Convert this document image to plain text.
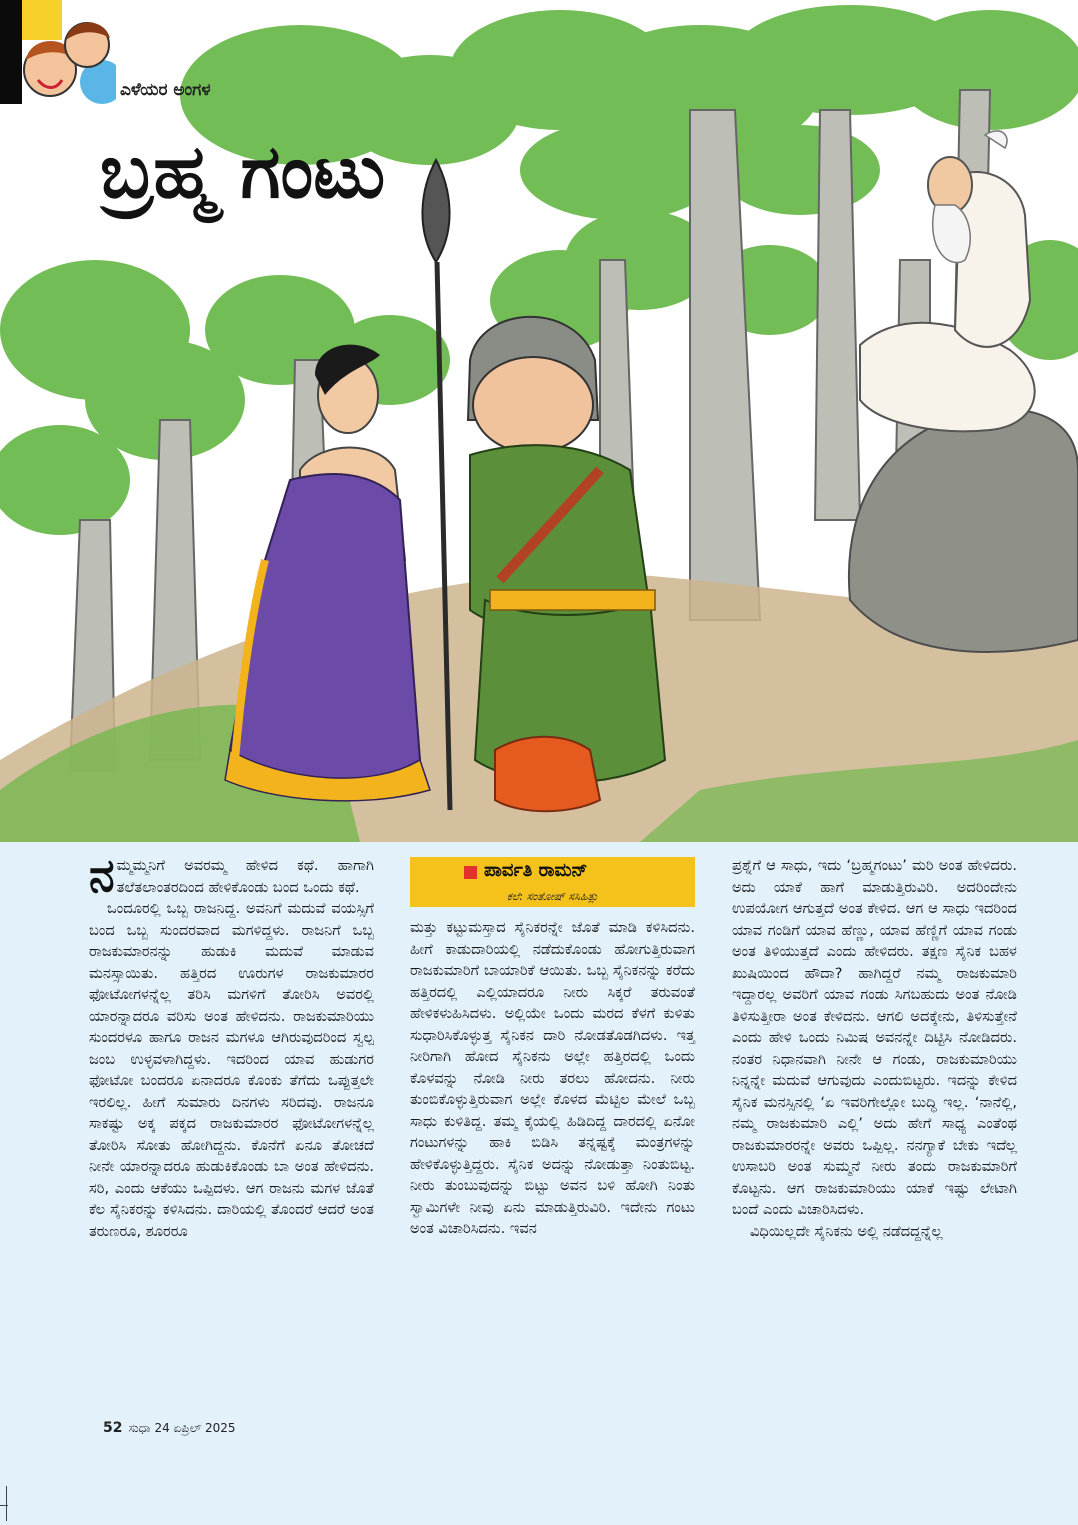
ಎಳೆಯರ ಅಂಗಳ
ಬ್ರಹ್ಮ ಗಂಟು

ನಮ್ಮಮ್ಮನಿಗೆ ಅವರಮ್ಮ ಹೇಳಿದ ಕಥೆ. ಹಾಗಾಗಿ ತಲೆತಲಾಂತರದಿಂದ ಹೇಳಿಕೊಂಡು ಬಂದ ಒಂದು ಕಥೆ.

ಒಂದೂರಲ್ಲಿ ಒಬ್ಬ ರಾಜನಿದ್ದ. ಅವನಿಗೆ ಮದುವೆ ವಯಸ್ಸಿಗೆ ಬಂದ ಒಬ್ಬ ಸುಂದರವಾದ ಮಗಳಿದ್ದಳು. ರಾಜನಿಗೆ ಒಬ್ಬ ರಾಜಕುಮಾರನನ್ನು ಹುಡುಕಿ ಮದುವೆ ಮಾಡುವ ಮನಸ್ಸಾಯಿತು. ಹತ್ತಿರದ ಊರುಗಳ ರಾಜಕುಮಾರರ ಫೋಟೋಗಳನ್ನೆಲ್ಲ ತರಿಸಿ ಮಗಳಿಗೆ ತೋರಿಸಿ ಅವರಲ್ಲಿ ಯಾರನ್ನಾದರೂ ವರಿಸು ಅಂತ ಹೇಳಿದನು. ರಾಜಕುಮಾರಿಯು ಸುಂದರಳೂ ಹಾಗೂ ರಾಜನ ಮಗಳೂ ಆಗಿರುವುದರಿಂದ ಸ್ವಲ್ಪ ಜಂಬ ಉಳ್ಳವಳಾಗಿದ್ದಳು. ಇದರಿಂದ ಯಾವ ಹುಡುಗರ ಫೋಟೋ ಬಂದರೂ ಏನಾದರೂ ಕೊಂಕು ತೆಗೆದು ಒಪ್ಪುತ್ತಲೇ ಇರಲಿಲ್ಲ. ಹೀಗೆ ಸುಮಾರು ದಿನಗಳು ಸರಿದವು. ರಾಜನೂ ಸಾಕಷ್ಟು ಅಕ್ಕ ಪಕ್ಕದ ರಾಜಕುಮಾರರ ಫೋಟೋಗಳನ್ನೆಲ್ಲ ತೋರಿಸಿ ಸೋತು ಹೋಗಿದ್ದನು. ಕೊನೆಗೆ ಏನೂ ತೋಚದೆ ನೀನೇ ಯಾರನ್ನಾದರೂ ಹುಡುಕಿಕೊಂಡು ಬಾ ಅಂತ ಹೇಳಿದನು. ಸರಿ, ಎಂದು ಆಕೆಯು ಒಪ್ಪಿದಳು. ಆಗ ರಾಜನು ಮಗಳ ಜೊತೆ ಕೆಲ ಸೈನಿಕರನ್ನು ಕಳಿಸಿದನು. ದಾರಿಯಲ್ಲಿ ತೊಂದರೆ ಆದರೆ ಅಂತ ತರುಣರೂ, ಶೂರರೂ

ಪಾರ್ವತಿ ರಾಮನ್
ಕಲೆ: ಸಂತೋಷ್ ಸಸಿಹಿತ್ಲು

ಮತ್ತು ಕಟ್ಟುಮಸ್ತಾದ ಸೈನಿಕರನ್ನೇ ಜೊತೆ ಮಾಡಿ ಕಳಿಸಿದನು. ಹೀಗೆ ಕಾಡುದಾರಿಯಲ್ಲಿ ನಡೆದುಕೊಂಡು ಹೋಗುತ್ತಿರುವಾಗ ರಾಜಕುಮಾರಿಗೆ ಬಾಯಾರಿಕೆ ಆಯಿತು. ಒಬ್ಬ ಸೈನಿಕನನ್ನು ಕರೆದು ಹತ್ತಿರದಲ್ಲಿ ಎಲ್ಲಿಯಾದರೂ ನೀರು ಸಿಕ್ಕರೆ ತರುವಂತೆ ಹೇಳಿಕಳುಹಿಸಿದಳು. ಅಲ್ಲಿಯೇ ಒಂದು ಮರದ ಕೆಳಗೆ ಕುಳಿತು ಸುಧಾರಿಸಿಕೊಳ್ಳುತ್ತ ಸೈನಿಕನ ದಾರಿ ನೋಡತೊಡಗಿದಳು. ಇತ್ತ ನೀರಿಗಾಗಿ ಹೋದ ಸೈನಿಕನು ಅಲ್ಲೇ ಹತ್ತಿರದಲ್ಲಿ ಒಂದು ಕೊಳವನ್ನು ನೋಡಿ ನೀರು ತರಲು ಹೋದನು. ನೀರು ತುಂಬಿಕೊಳ್ಳುತ್ತಿರುವಾಗ ಅಲ್ಲೇ ಕೊಳದ ಮೆಟ್ಟಿಲ ಮೇಲೆ ಒಬ್ಬ ಸಾಧು ಕುಳಿತಿದ್ದ. ತಮ್ಮ ಕೈಯಲ್ಲಿ ಹಿಡಿದಿದ್ದ ದಾರದಲ್ಲಿ ಏನೋ ಗಂಟುಗಳನ್ನು ಹಾಕಿ ಬಿಡಿಸಿ ತನ್ನಷ್ಟಕ್ಕೆ ಮಂತ್ರಗಳನ್ನು ಹೇಳಿಕೊಳ್ಳುತ್ತಿದ್ದರು. ಸೈನಿಕ ಅದನ್ನು ನೋಡುತ್ತಾ ನಿಂತುಬಿಟ್ಟ. ನೀರು ತುಂಬುವುದನ್ನು ಬಿಟ್ಟು ಅವನ ಬಳಿ ಹೋಗಿ ನಿಂತು ಸ್ವಾಮಿಗಳೇ ನೀವು ಏನು ಮಾಡುತ್ತಿರುವಿರಿ. ಇದೇನು ಗಂಟು ಅಂತ ವಿಚಾರಿಸಿದನು. ಇವನ

ಪ್ರಶ್ನೆಗೆ ಆ ಸಾಧು, ಇದು ‘ಬ್ರಹ್ಮಗಂಟು’ ಮರಿ ಅಂತ ಹೇಳಿದರು. ಅದು ಯಾಕೆ ಹಾಗೆ ಮಾಡುತ್ತಿರುವಿರಿ. ಅದರಿಂದೇನು ಉಪಯೋಗ ಆಗುತ್ತದೆ ಅಂತ ಕೇಳಿದ. ಆಗ ಆ ಸಾಧು ಇದರಿಂದ ಯಾವ ಗಂಡಿಗೆ ಯಾವ ಹೆಣ್ಣು, ಯಾವ ಹೆಣ್ಣಿಗೆ ಯಾವ ಗಂಡು ಅಂತ ತಿಳಿಯುತ್ತದೆ ಎಂದು ಹೇಳಿದರು. ತಕ್ಷಣ ಸೈನಿಕ ಬಹಳ ಖುಷಿಯಿಂದ ಹೌದಾ? ಹಾಗಿದ್ದರೆ ನಮ್ಮ ರಾಜಕುಮಾರಿ ಇದ್ದಾರಲ್ಲ ಅವರಿಗೆ ಯಾವ ಗಂಡು ಸಿಗಬಹುದು ಅಂತ ನೋಡಿ ತಿಳಿಸುತ್ತೀರಾ ಅಂತ ಕೇಳಿದನು. ಆಗಲಿ ಅದಕ್ಕೇನು, ತಿಳಿಸುತ್ತೇನೆ ಎಂದು ಹೇಳಿ ಒಂದು ನಿಮಿಷ ಅವನನ್ನೇ ದಿಟ್ಟಿಸಿ ನೋಡಿದರು. ನಂತರ ನಿಧಾನವಾಗಿ ನೀನೇ ಆ ಗಂಡು, ರಾಜಕುಮಾರಿಯು ನಿನ್ನನ್ನೇ ಮದುವೆ ಆಗುವುದು ಎಂದುಬಿಟ್ಟರು. ಇದನ್ನು ಕೇಳಿದ ಸೈನಿಕ ಮನಸ್ಸಿನಲ್ಲಿ ‘ಏ ಇವರಿಗೇಲ್ಲೋ ಬುದ್ಧಿ ಇಲ್ಲ. ‘ನಾನೆಲ್ಲಿ, ನಮ್ಮ ರಾಜಕುಮಾರಿ ಎಲ್ಲಿ’ ಅದು ಹೇಗೆ ಸಾಧ್ಯ ಎಂತೆಂಥ ರಾಜಕುಮಾರರನ್ನೇ ಅವರು ಒಪ್ಪಿಲ್ಲ. ನನಗ್ಯಾಕೆ ಬೇಕು ಇದೆಲ್ಲ ಉಸಾಬರಿ ಅಂತ ಸುಮ್ಮನೆ ನೀರು ತಂದು ರಾಜಕುಮಾರಿಗೆ ಕೊಟ್ಟನು. ಆಗ ರಾಜಕುಮಾರಿಯು ಯಾಕೆ ಇಷ್ಟು ಲೇಟಾಗಿ ಬಂದೆ ಎಂದು ವಿಚಾರಿಸಿದಳು.

ವಿಧಿಯಿಲ್ಲದೇ ಸೈನಿಕನು ಅಲ್ಲಿ ನಡೆದದ್ದನ್ನೆಲ್ಲ

52 ಸುಧಾ 24 ಏಪ್ರಿಲ್ 2025
